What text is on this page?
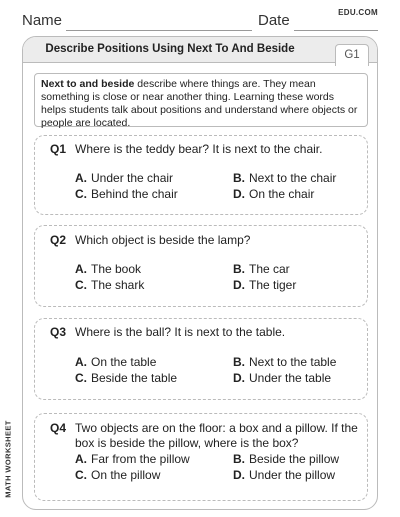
Name	Date	EDU.COM
Describe Positions Using Next To And Beside	G1
Next to and beside describe where things are. They mean something is close or near another thing. Learning these words helps students talk about positions and understand where objects or people are located.
Q1 Where is the teddy bear? It is next to the chair.
A. Under the chair	B. Next to the chair
C. Behind the chair	D. On the chair
Q2 Which object is beside the lamp?
A. The book	B. The car
C. The shark	D. The tiger
Q3 Where is the ball? It is next to the table.
A. On the table	B. Next to the table
C. Beside the table	D. Under the table
Q4 Two objects are on the floor: a box and a pillow. If the box is beside the pillow, where is the box?
A. Far from the pillow	B. Beside the pillow
C. On the pillow	D. Under the pillow
MATH WORKSHEET
